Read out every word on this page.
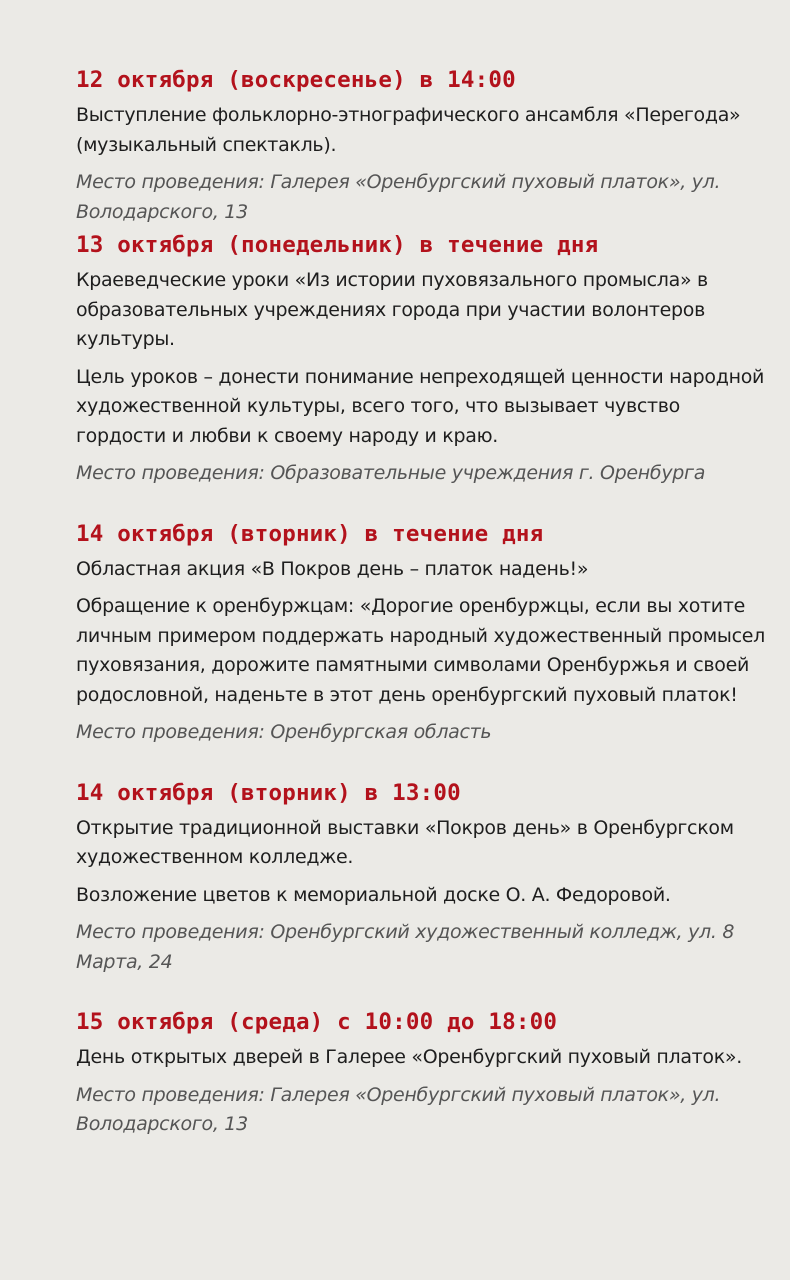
12 октября (воскресенье) в 14:00

Выступление фольклорно-этнографического ансамбля «Перегода» (музыкальный спектакль).

Место проведения: Галерея «Оренбургский пуховый платок», ул. Володарского, 13

13 октября (понедельник) в течение дня

Краеведческие уроки «Из истории пуховязального промысла» в образовательных учреждениях города при участии волонтеров культуры.

Цель уроков – донести понимание непреходящей ценности народной художественной культуры, всего того, что вызывает чувство гордости и любви к своему народу и краю.

Место проведения: Образовательные учреждения г. Оренбурга

14 октября (вторник) в течение дня

Областная акция «В Покров день – платок надень!»

Обращение к оренбуржцам: «Дорогие оренбуржцы, если вы хотите личным примером поддержать народный художественный промысел пуховязания, дорожите памятными символами Оренбуржья и своей родословной, наденьте в этот день оренбургский пуховый платок!

Место проведения: Оренбургская область

14 октября (вторник) в 13:00

Открытие традиционной выставки «Покров день» в Оренбургском художественном колледже.

Возложение цветов к мемориальной доске О. А. Федоровой.

Место проведения: Оренбургский художественный колледж, ул. 8 Марта, 24

15 октября (среда) с 10:00 до 18:00

День открытых дверей в Галерее «Оренбургский пуховый платок».

Место проведения: Галерея «Оренбургский пуховый платок», ул. Володарского, 13
